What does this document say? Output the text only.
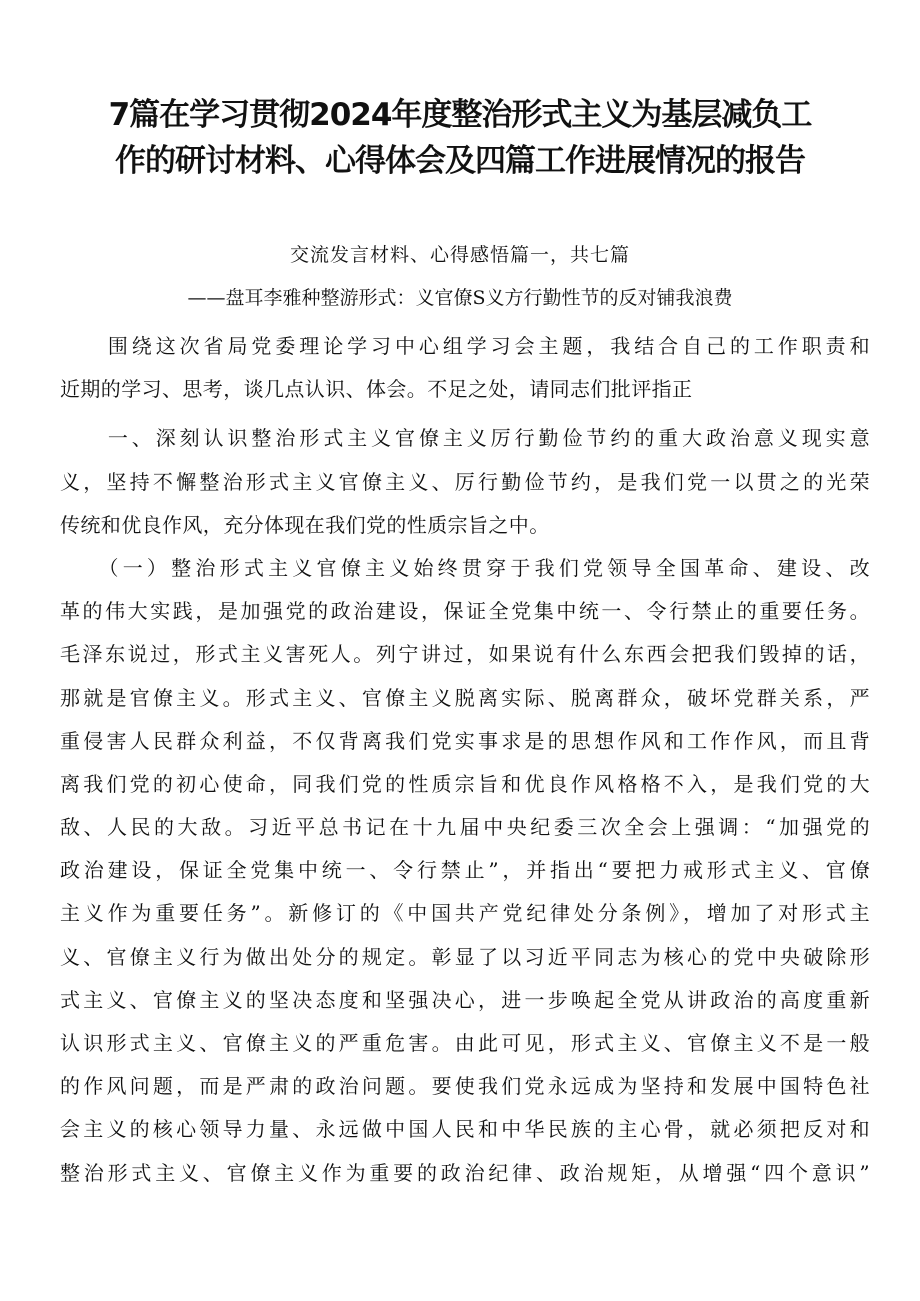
7篇在学习贯彻2024年度整治形式主义为基层减负工
作的研讨材料、心得体会及四篇工作进展情况的报告
交流发言材料、心得感悟篇一，共七篇
——盘耳李雅种整游形式：义官僚S义方行勤性节的反对铺我浪费
　　围绕这次省局党委理论学习中心组学习会主题，我结合自己的工作职责和
近期的学习、思考，谈几点认识、体会。不足之处，请同志们批评指正
　　一、深刻认识整治形式主义官僚主义厉行勤俭节约的重大政治意义现实意
义，坚持不懈整治形式主义官僚主义、厉行勤俭节约，是我们党一以贯之的光荣
传统和优良作风，充分体现在我们党的性质宗旨之中。
　　（一）整治形式主义官僚主义始终贯穿于我们党领导全国革命、建设、改
革的伟大实践，是加强党的政治建设，保证全党集中统一、令行禁止的重要任务。
毛泽东说过，形式主义害死人。列宁讲过，如果说有什么东西会把我们毁掉的话，
那就是官僚主义。形式主义、官僚主义脱离实际、脱离群众，破坏党群关系，严
重侵害人民群众利益，不仅背离我们党实事求是的思想作风和工作作风，而且背
离我们党的初心使命，同我们党的性质宗旨和优良作风格格不入，是我们党的大
敌、人民的大敌。习近平总书记在十九届中央纪委三次全会上强调：“加强党的
政治建设，保证全党集中统一、令行禁止”，并指出“要把力戒形式主义、官僚
主义作为重要任务”。新修订的《中国共产党纪律处分条例》，增加了对形式主
义、官僚主义行为做出处分的规定。彰显了以习近平同志为核心的党中央破除形
式主义、官僚主义的坚决态度和坚强决心，进一步唤起全党从讲政治的高度重新
认识形式主义、官僚主义的严重危害。由此可见，形式主义、官僚主义不是一般
的作风问题，而是严肃的政治问题。要使我们党永远成为坚持和发展中国特色社
会主义的核心领导力量、永远做中国人民和中华民族的主心骨，就必须把反对和
整治形式主义、官僚主义作为重要的政治纪律、政治规矩，从增强“四个意识”
